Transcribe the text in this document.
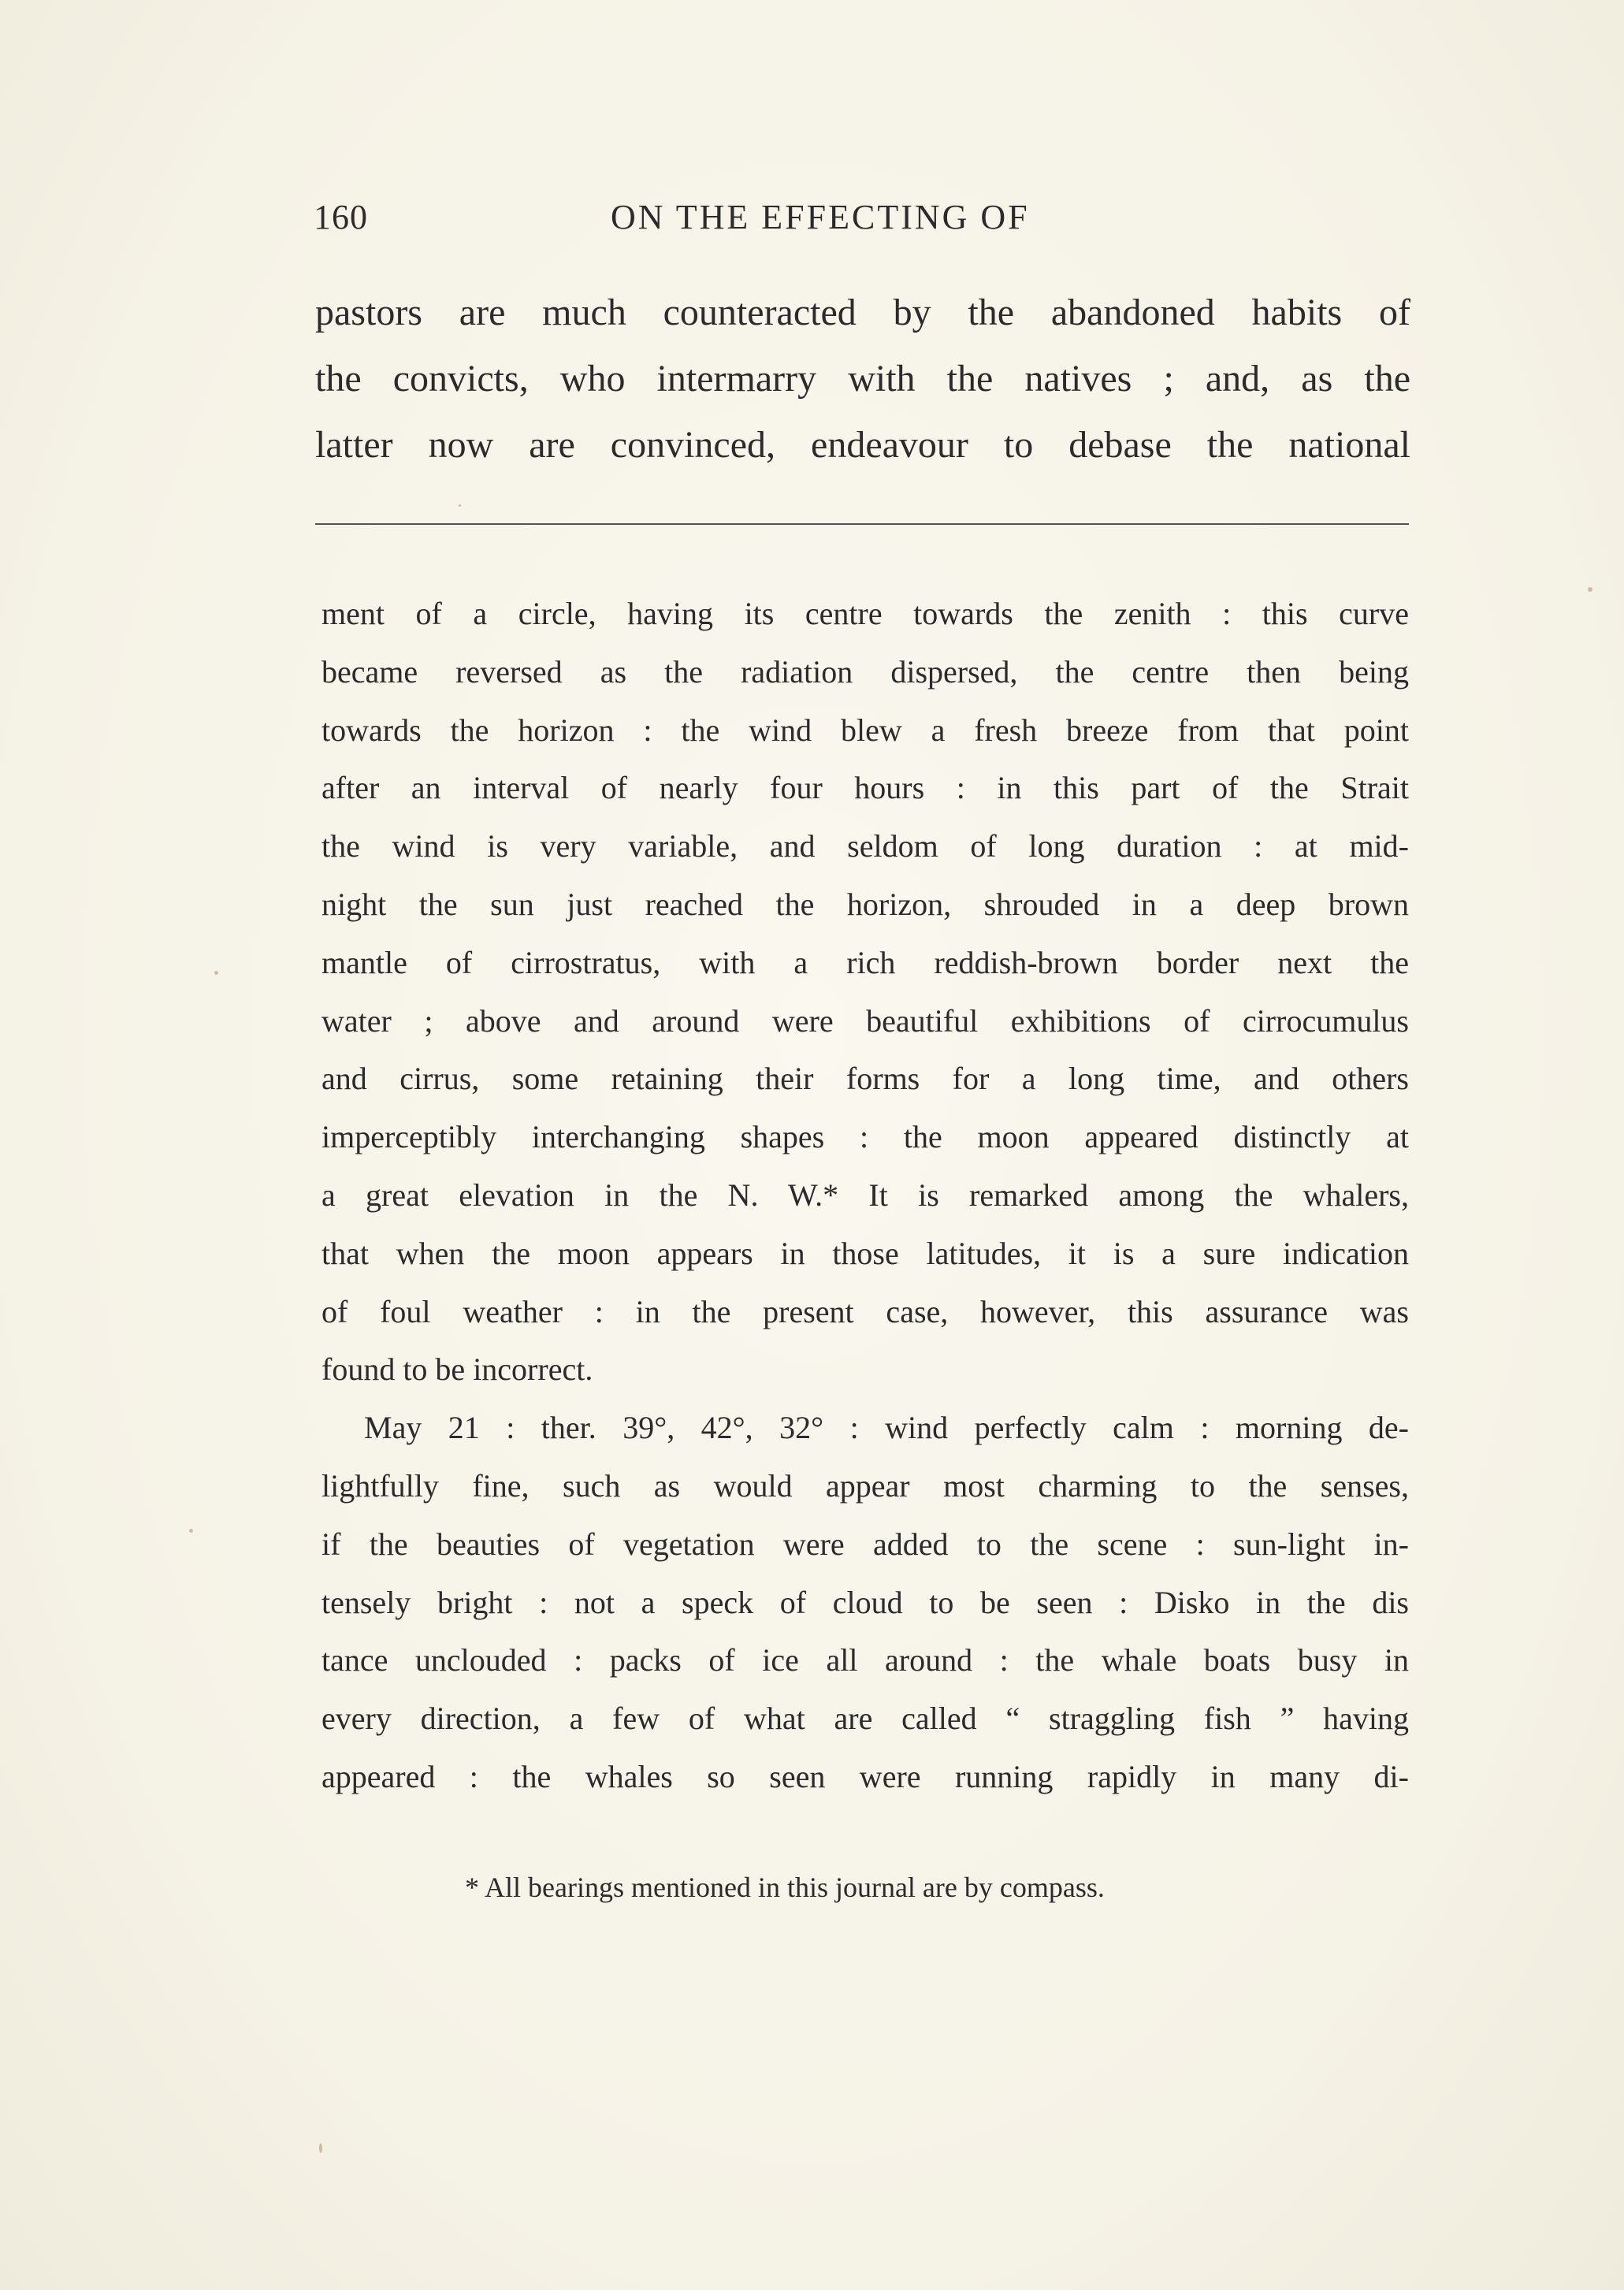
160	ON THE EFFECTING OF
pastors are much counteracted by the abandoned habits of
the convicts, who intermarry with the natives ; and, as the
latter now are convinced, endeavour to debase the national
ment of a circle, having its centre towards the zenith : this curve
became reversed as the radiation dispersed, the centre then being
towards the horizon : the wind blew a fresh breeze from that point
after an interval of nearly four hours : in this part of the Strait
the wind is very variable, and seldom of long duration : at mid-
night the sun just reached the horizon, shrouded in a deep brown
mantle of cirrostratus, with a rich reddish-brown border next the
water ; above and around were beautiful exhibitions of cirrocumulus
and cirrus, some retaining their forms for a long time, and others
imperceptibly interchanging shapes : the moon appeared distinctly at
a great elevation in the N. W.* It is remarked among the whalers,
that when the moon appears in those latitudes, it is a sure indication
of foul weather : in the present case, however, this assurance was
found to be incorrect.
May 21 : ther. 39°, 42°, 32° : wind perfectly calm : morning de-
lightfully fine, such as would appear most charming to the senses,
if the beauties of vegetation were added to the scene : sun-light in-
tensely bright : not a speck of cloud to be seen : Disko in the dis
tance unclouded : packs of ice all around : the whale boats busy in
every direction, a few of what are called “ straggling fish ” having
appeared : the whales so seen were running rapidly in many di-
* All bearings mentioned in this journal are by compass.
